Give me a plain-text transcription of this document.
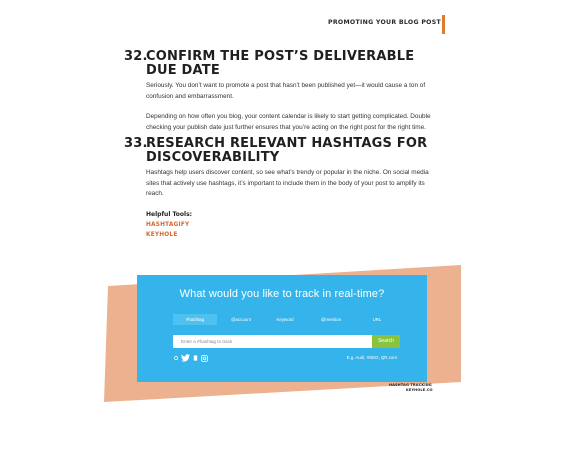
PROMOTING YOUR BLOG POST
32.
CONFIRM THE POST’S DELIVERABLE DUE DATE

Seriously. You don’t want to promote a post that hasn’t been published yet—it would cause a ton of confusion and embarrassment.

Depending on how often you blog, your content calendar is likely to start getting complicated. Double checking your publish date just further ensures that you’re acting on the right post for the right time.

33.
RESEARCH RELEVANT HASHTAGS FOR DISCOVERABILITY

Hashtags help users discover content, so see what’s trendy or popular in the niche. On social media sites that actively use hashtags, it’s important to include them in the body of your post to amplify its reach.

Helpful Tools:
HASHTAGIFY
KEYHOLE
What would you like to track in real-time?
#hashtag	@account	Keyword	@mention	URL
Enter a #hashtag to track	Search
E.g. Audi, #SEO, QR.com
HASHTAG TRACKING
KEYHOLE.CO
